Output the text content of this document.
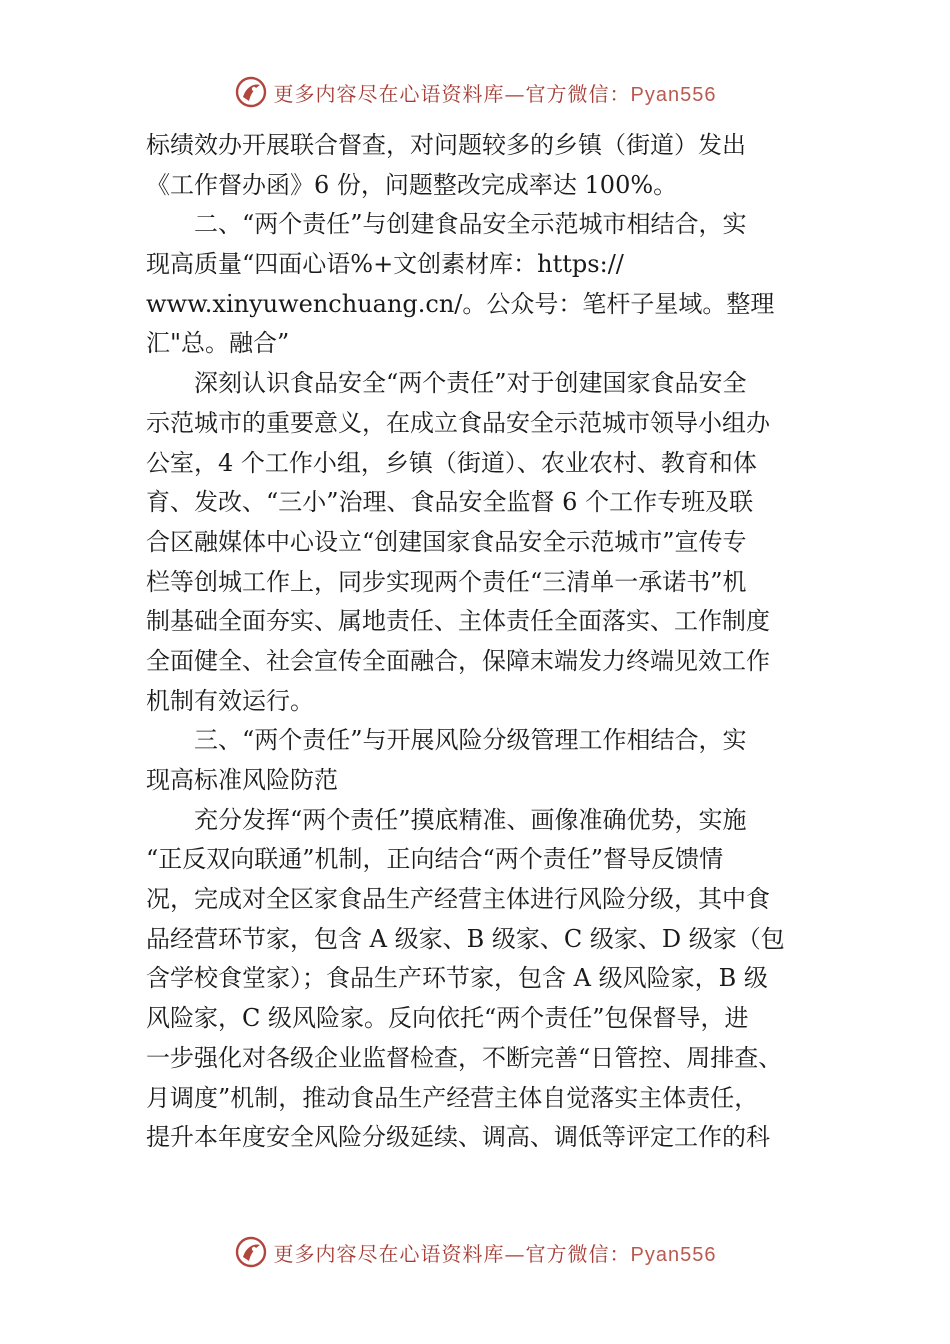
更多内容尽在心语资料库—官方微信：Pyan556
标绩效办开展联合督查，对问题较多的乡镇（街道）发出
《工作督办函》6 份，问题整改完成率达 100%。
　　二、“两个责任”与创建食品安全示范城市相结合，实
现高质量“四面心语%+文创素材库：https://
www.xinyuwenchuang.cn/。公众号：笔杆子星域。整理
汇"总。融合”
　　深刻认识食品安全“两个责任”对于创建国家食品安全
示范城市的重要意义，在成立食品安全示范城市领导小组办
公室，4 个工作小组，乡镇（街道）、农业农村、教育和体
育、发改、“三小”治理、食品安全监督 6 个工作专班及联
合区融媒体中心设立“创建国家食品安全示范城市”宣传专
栏等创城工作上，同步实现两个责任“三清单一承诺书”机
制基础全面夯实、属地责任、主体责任全面落实、工作制度
全面健全、社会宣传全面融合，保障末端发力终端见效工作
机制有效运行。
　　三、“两个责任”与开展风险分级管理工作相结合，实
现高标准风险防范
　　充分发挥“两个责任”摸底精准、画像准确优势，实施
“正反双向联通”机制，正向结合“两个责任”督导反馈情
况，完成对全区家食品生产经营主体进行风险分级，其中食
品经营环节家，包含 A 级家、B 级家、C 级家、D 级家（包
含学校食堂家）；食品生产环节家，包含 A 级风险家，B 级
风险家，C 级风险家。反向依托“两个责任”包保督导，进
一步强化对各级企业监督检查，不断完善“日管控、周排查、
月调度”机制，推动食品生产经营主体自觉落实主体责任，
提升本年度安全风险分级延续、调高、调低等评定工作的科
更多内容尽在心语资料库—官方微信：Pyan556
